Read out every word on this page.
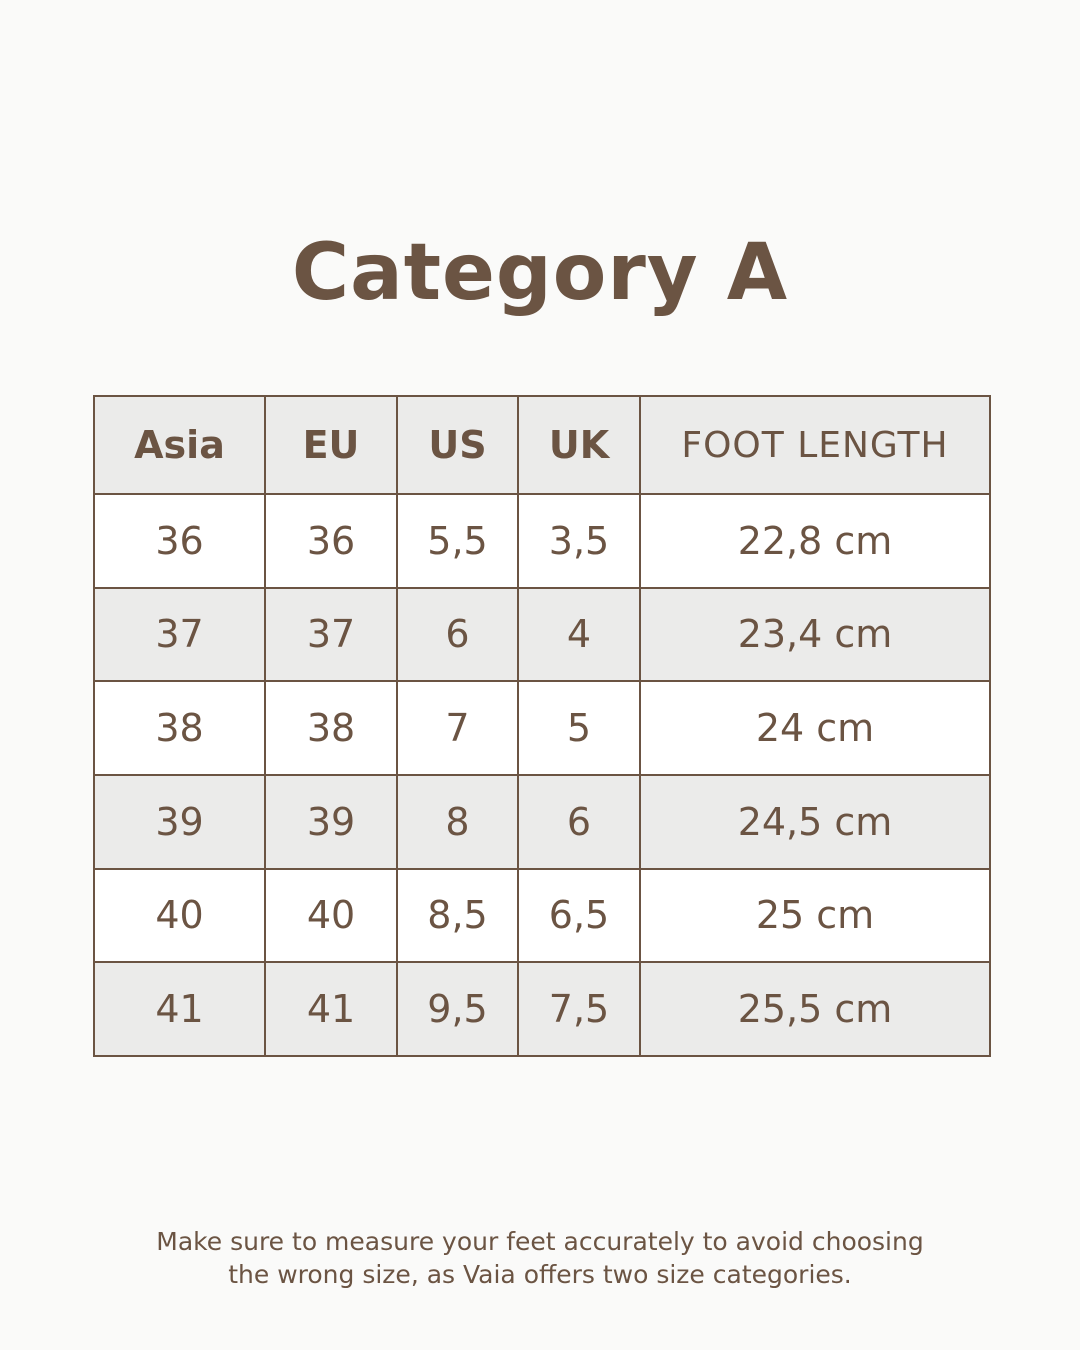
Category A
Asia	EU	US	UK	FOOT LENGTH
36	36	5,5	3,5	22,8 cm
37	37	6	4	23,4 cm
38	38	7	5	24 cm
39	39	8	6	24,5 cm
40	40	8,5	6,5	25 cm
41	41	9,5	7,5	25,5 cm

Make sure to measure your feet accurately to avoid choosing
the wrong size, as Vaia offers two size categories.
